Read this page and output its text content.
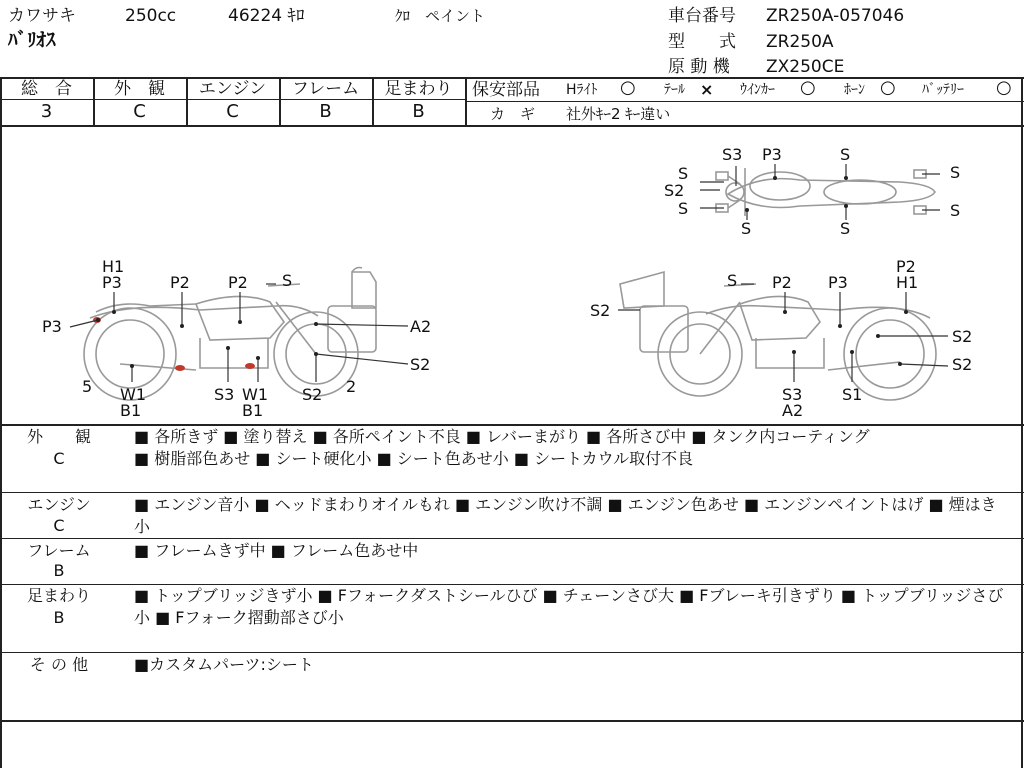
カワサキ	250cc	46224 ｷﾛ	ｸﾛ　ペイント
ﾊﾞﾘｵｽ
車台番号 ZR250A-057046
型　　式 ZR250A
原 動 機 ZX250CE
総　合
3
外　観
C
エンジン
C
フレーム
B
足まわり
B
保安部品 Hﾗｲﾄ ○ ﾃｰﾙ × ｳｲﾝｶｰ ○ ﾎｰﾝ ○ ﾊﾞｯﾃﾘｰ ○
カ　ギ 社外ｷｰ2 ｷｰ違い
S
S2
S
S3 P3	S
S
S
S	S
H1
P3	P2 P2 S
P3	A2
S2
5 W1
B1
S3 W1
B1
S2 2
S P2 P3
P2
H1
S2
S2
S2
S3
A2
S1
外　　観
C
■ 各所きず ■ 塗り替え ■ 各所ペイント不良 ■ レバーまがり ■ 各所さび中 ■ タンク内コーティング
■ 樹脂部色あせ ■ シート硬化小 ■ シート色あせ小 ■ シートカウル取付不良
エンジン
C
■ エンジン音小 ■ ヘッドまわりオイルもれ ■ エンジン吹け不調 ■ エンジン色あせ ■ エンジンペイントはげ ■ 煙はき小
フレーム
B
■ フレームきず中 ■ フレーム色あせ中
足まわり
B
■ トップブリッジきず小 ■ Fフォークダストシールひび ■ チェーンさび大 ■ Fブレーキ引きずり ■ トップブリッジさび小 ■ Fフォーク摺動部さび小
そ の 他	■カスタムパーツ:シート
